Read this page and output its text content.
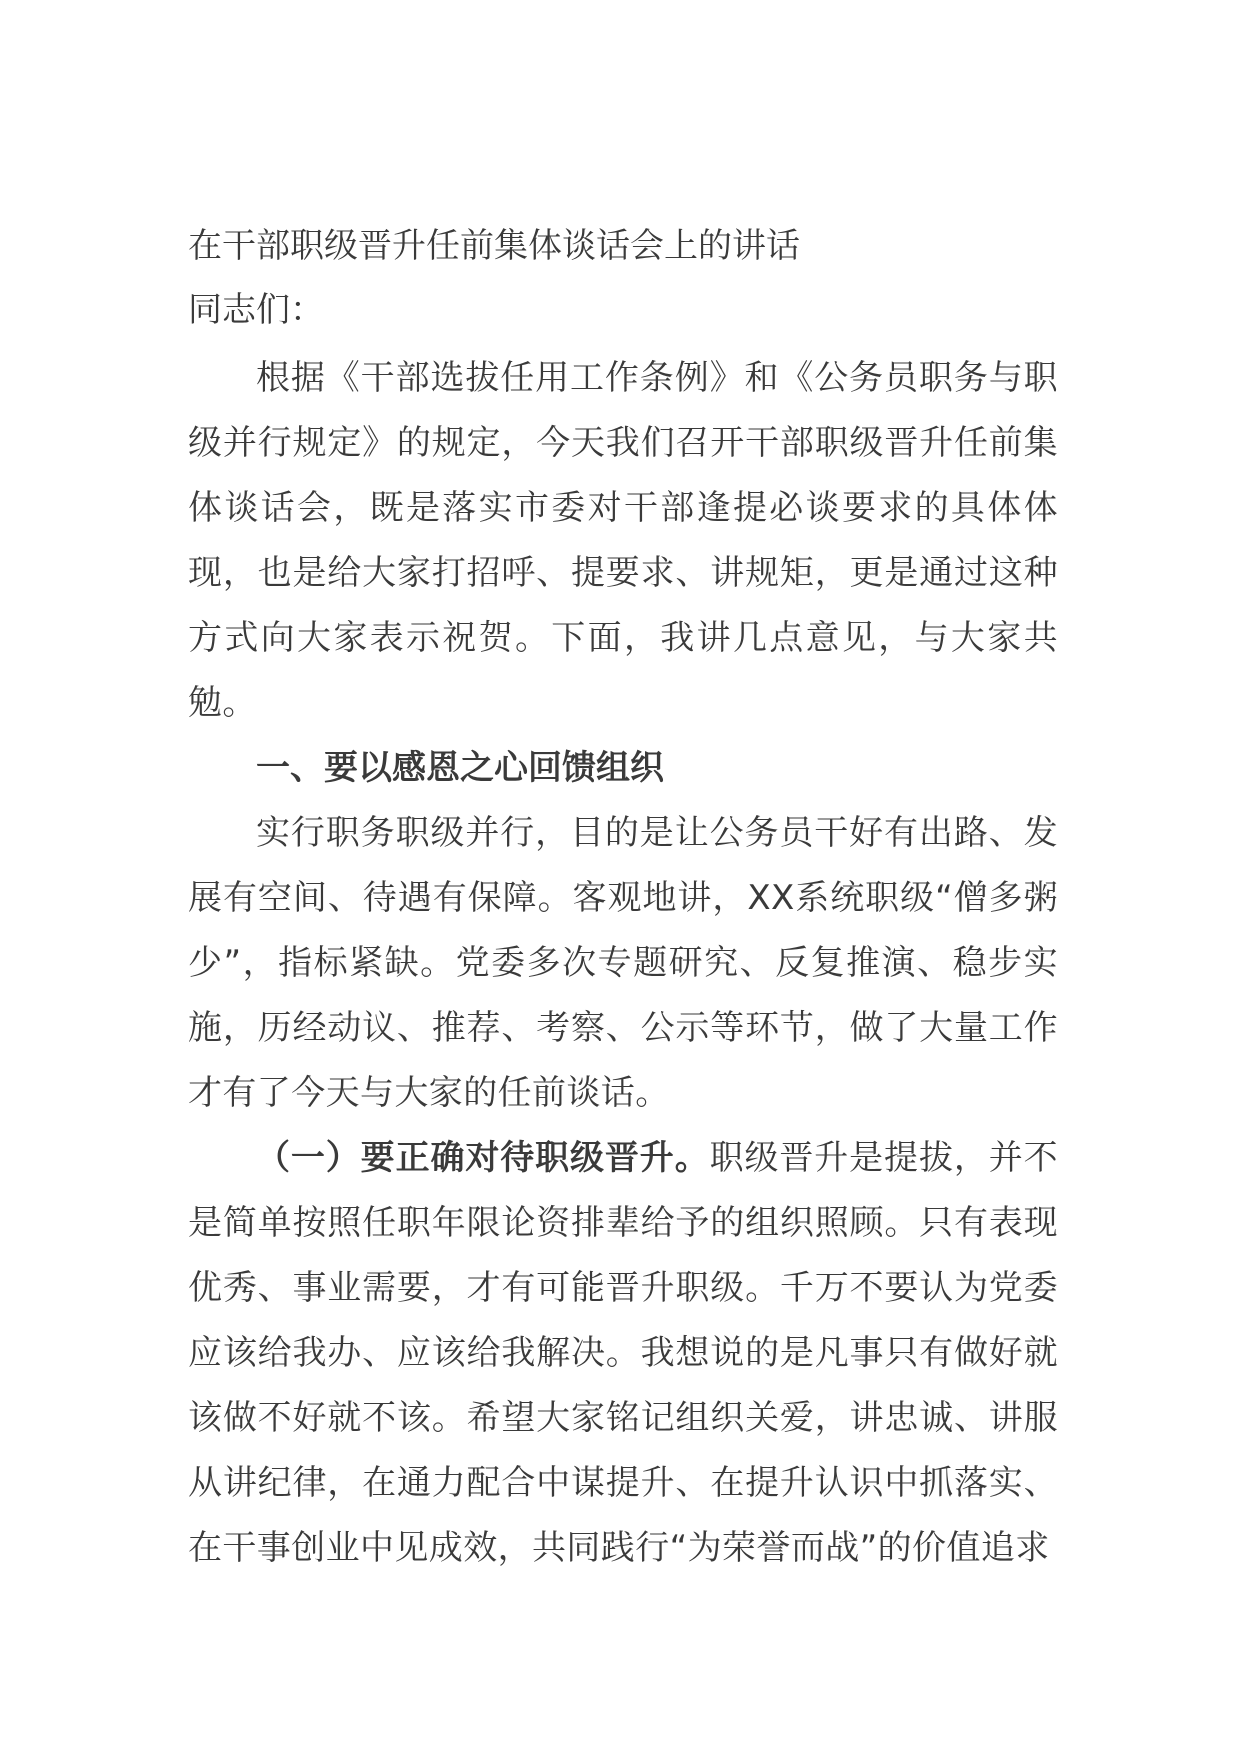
在干部职级晋升任前集体谈话会上的讲话
同志们：

根据《干部选拔任用工作条例》和《公务员职务与职级并行规定》的规定，今天我们召开干部职级晋升任前集体谈话会，既是落实市委对干部逢提必谈要求的具体体现，也是给大家打招呼、提要求、讲规矩，更是通过这种方式向大家表示祝贺。下面，我讲几点意见，与大家共勉。

一、要以感恩之心回馈组织

实行职务职级并行，目的是让公务员干好有出路、发展有空间、待遇有保障。客观地讲，XX系统职级“僧多粥少”，指标紧缺。党委多次专题研究、反复推演、稳步实施，历经动议、推荐、考察、公示等环节，做了大量工作才有了今天与大家的任前谈话。

（一）要正确对待职级晋升。职级晋升是提拔，并不是简单按照任职年限论资排辈给予的组织照顾。只有表现优秀、事业需要，才有可能晋升职级。千万不要认为党委应该给我办、应该给我解决。我想说的是凡事只有做好就该做不好就不该。希望大家铭记组织关爱，讲忠诚、讲服从讲纪律，在通力配合中谋提升、在提升认识中抓落实、在干事创业中见成效，共同践行“为荣誉而战”的价值追求
